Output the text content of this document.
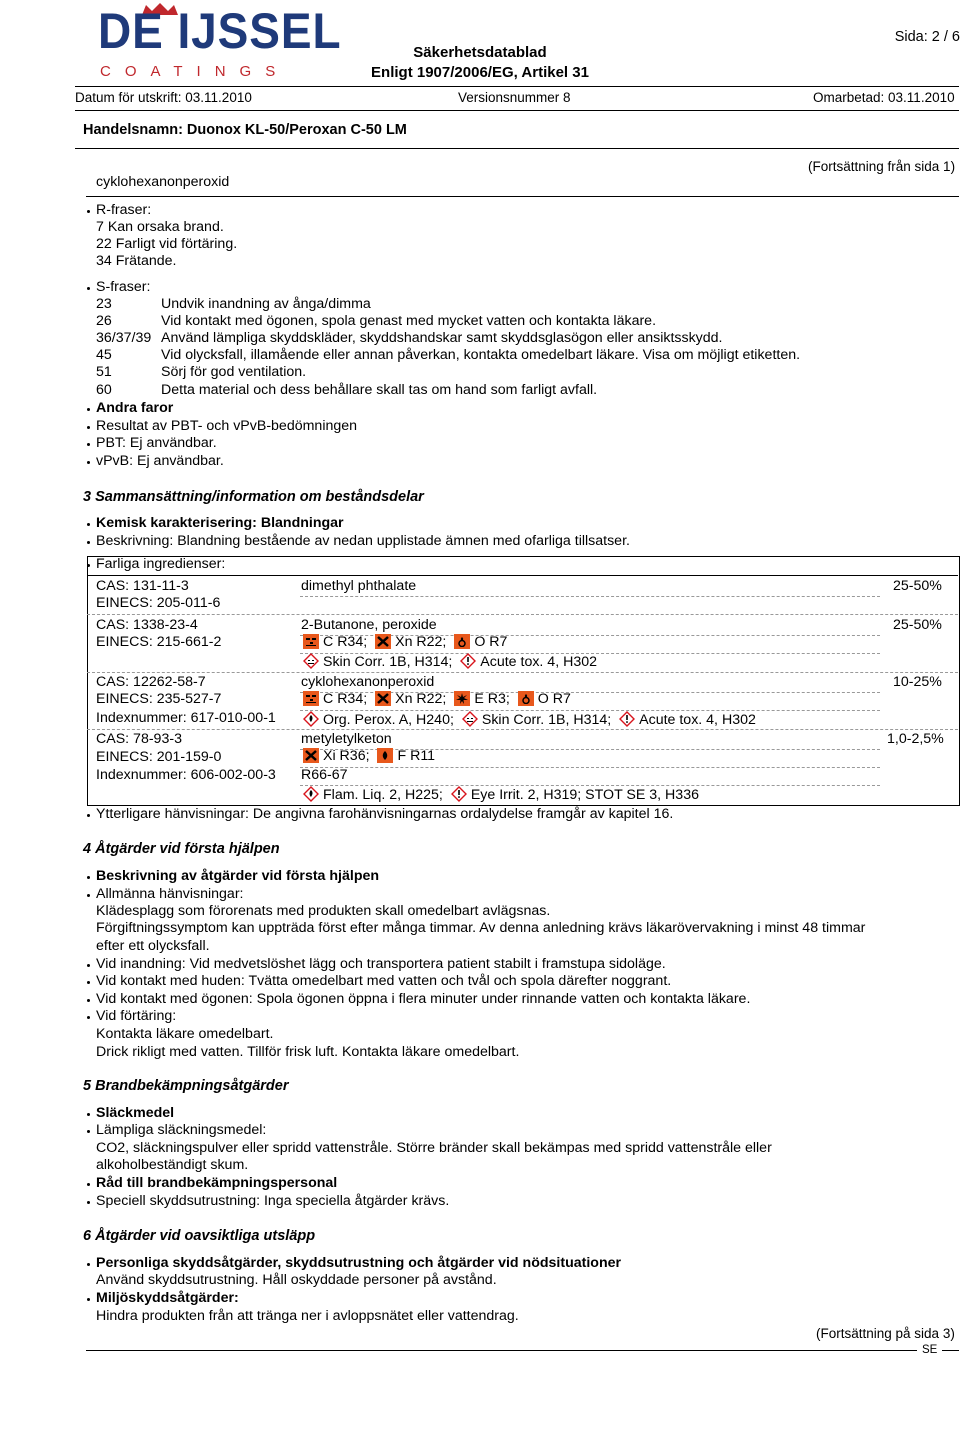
DE IJSSEL
COATINGS
Säkerhetsdatablad
Enligt 1907/2006/EG, Artikel 31
Sida: 2 / 6
Datum för utskrift: 03.11.2010	Versionsnummer 8	Omarbetad: 03.11.2010
Handelsnamn: Duonox KL-50/Peroxan C-50 LM
(Fortsättning från sida 1)
cyklohexanonperoxid
R-fraser:
7 Kan orsaka brand.
22 Farligt vid förtäring.
34 Frätande.
S-fraser:
23	Undvik inandning av ånga/dimma
26	Vid kontakt med ögonen, spola genast med mycket vatten och kontakta läkare.
36/37/39 Använd lämpliga skyddskläder, skyddshandskar samt skyddsglasögon eller ansiktsskydd.
45	Vid olycksfall, illamående eller annan påverkan, kontakta omedelbart läkare. Visa om möjligt etiketten.
51	Sörj för god ventilation.
60	Detta material och dess behållare skall tas om hand som farligt avfall.
Andra faror
Resultat av PBT- och vPvB-bedömningen
PBT: Ej användbar.
vPvB: Ej användbar.
3 Sammansättning/information om beståndsdelar
Kemisk karakterisering: Blandningar
Beskrivning: Blandning bestående av nedan upplistade ämnen med ofarliga tillsatser.
Farliga ingredienser:
CAS: 131-11-3
EINECS: 205-011-6
dimethyl phthalate	25-50%
CAS: 1338-23-4
EINECS: 215-661-2
2-Butanone, peroxide	25-50%
C R34; Xn R22; O R7
Skin Corr. 1B, H314; Acute tox. 4, H302
CAS: 12262-58-7
EINECS: 235-527-7
Indexnummer: 617-010-00-1
cyklohexanonperoxid	10-25%
C R34; Xn R22; E R3; O R7
Org. Perox. A, H240; Skin Corr. 1B, H314; Acute tox. 4, H302
CAS: 78-93-3
EINECS: 201-159-0
Indexnummer: 606-002-00-3
metyletylketon	1,0-2,5%
Xi R36; F R11
R66-67
Flam. Liq. 2, H225; Eye Irrit. 2, H319; STOT SE 3, H336
Ytterligare hänvisningar: De angivna farohänvisningarnas ordalydelse framgår av kapitel 16.
4 Åtgärder vid första hjälpen
Beskrivning av åtgärder vid första hjälpen
Allmänna hänvisningar:
Klädesplagg som förorenats med produkten skall omedelbart avlägsnas.
Förgiftningssymptom kan uppträda först efter många timmar. Av denna anledning krävs läkarövervakning i minst 48 timmar
efter ett olycksfall.
Vid inandning: Vid medvetslöshet lägg och transportera patient stabilt i framstupa sidoläge.
Vid kontakt med huden: Tvätta omedelbart med vatten och tvål och spola därefter noggrant.
Vid kontakt med ögonen: Spola ögonen öppna i flera minuter under rinnande vatten och kontakta läkare.
Vid förtäring:
Kontakta läkare omedelbart.
Drick rikligt med vatten. Tillför frisk luft. Kontakta läkare omedelbart.
5 Brandbekämpningsåtgärder
Släckmedel
Lämpliga släckningsmedel:
CO2, släckningspulver eller spridd vattenstråle. Större bränder skall bekämpas med spridd vattenstråle eller
alkoholbeständigt skum.
Råd till brandbekämpningspersonal
Speciell skyddsutrustning: Inga speciella åtgärder krävs.
6 Åtgärder vid oavsiktliga utsläpp
Personliga skyddsåtgärder, skyddsutrustning och åtgärder vid nödsituationer
Använd skyddsutrustning. Håll oskyddade personer på avstånd.
Miljöskyddsåtgärder:
Hindra produkten från att tränga ner i avloppsnätet eller vattendrag.
(Fortsättning på sida 3)
SE
